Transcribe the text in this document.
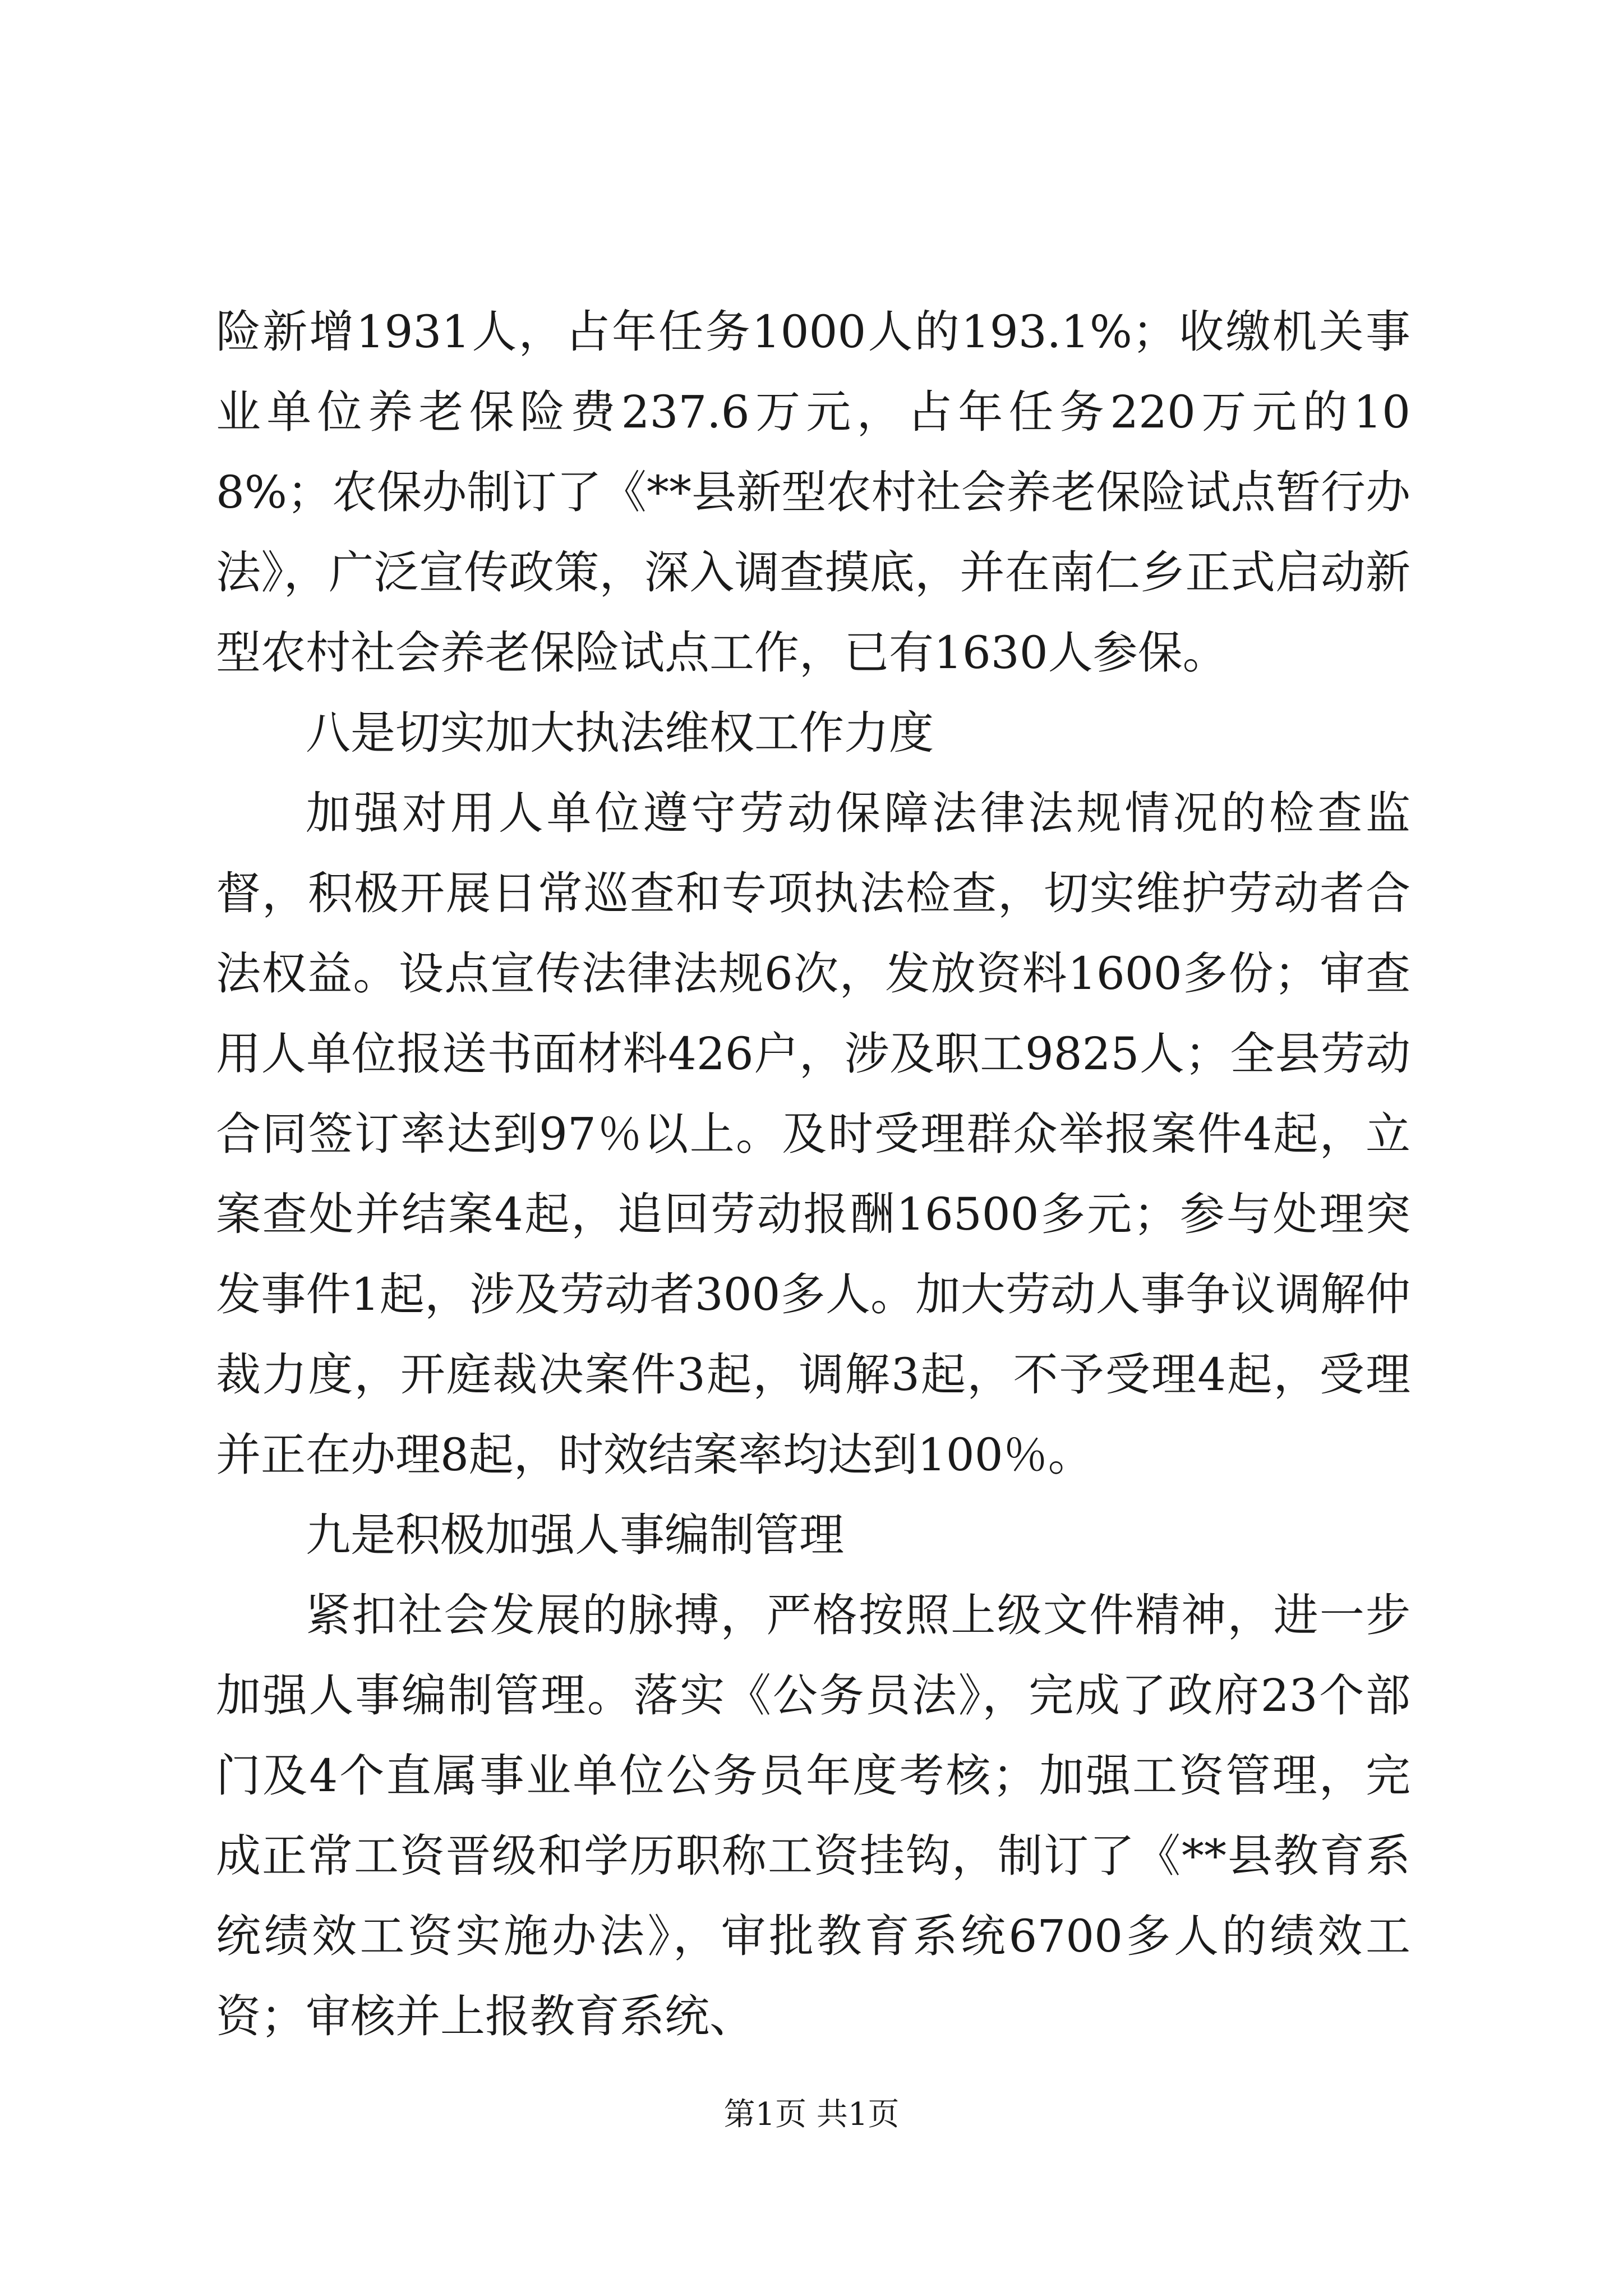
险新增1931人，占年任务1000人的193.1%；收缴机关事业单位养老保险费237.6万元，占年任务220万元的108%；农保办制订了《**县新型农村社会养老保险试点暂行办法》，广泛宣传政策，深入调查摸底，并在南仁乡正式启动新型农村社会养老保险试点工作，已有1630人参保。

八是切实加大执法维权工作力度

加强对用人单位遵守劳动保障法律法规情况的检查监督，积极开展日常巡查和专项执法检查，切实维护劳动者合法权益。设点宣传法律法规6次，发放资料1600多份；审查用人单位报送书面材料426户，涉及职工9825人；全县劳动合同签订率达到97％以上。及时受理群众举报案件4起，立案查处并结案4起，追回劳动报酬16500多元；参与处理突发事件1起，涉及劳动者300多人。加大劳动人事争议调解仲裁力度，开庭裁决案件3起，调解3起，不予受理4起，受理并正在办理8起，时效结案率均达到100％。

九是积极加强人事编制管理

紧扣社会发展的脉搏，严格按照上级文件精神，进一步加强人事编制管理。落实《公务员法》，完成了政府23个部门及4个直属事业单位公务员年度考核；加强工资管理，完成正常工资晋级和学历职称工资挂钩，制订了《**县教育系统绩效工资实施办法》，审批教育系统6700多人的绩效工资；审核并上报教育系统、

第1页 共1页
